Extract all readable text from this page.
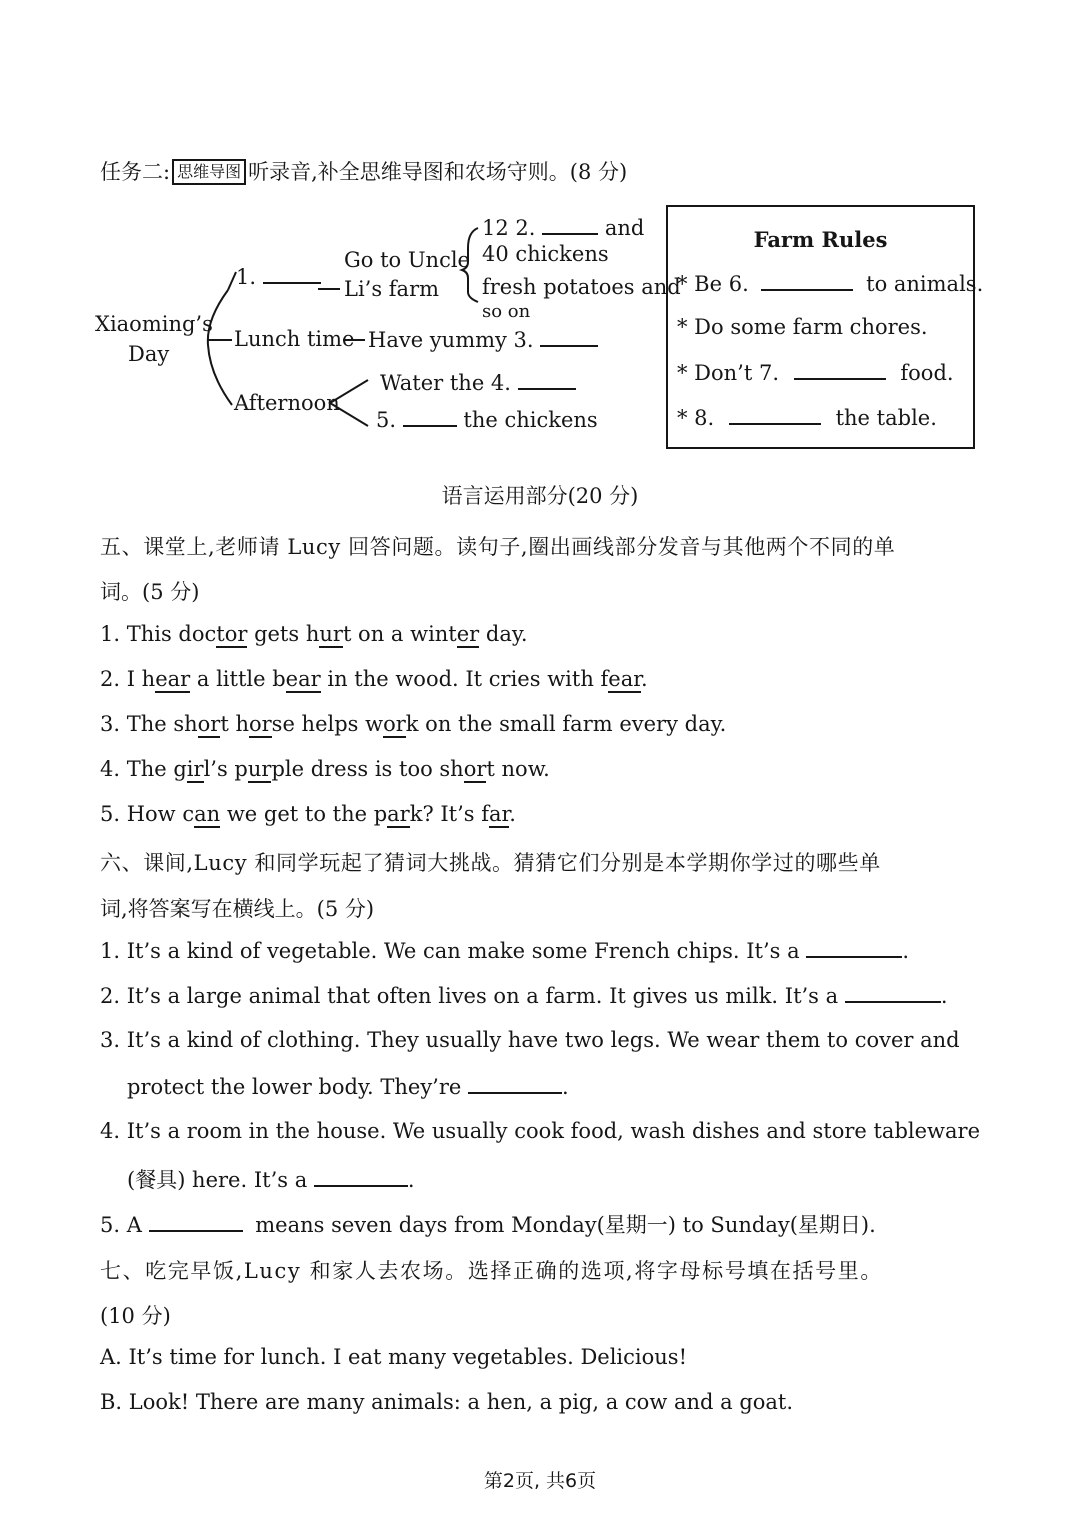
任务二: 思维导图 听录音,补全思维导图和农场守则。(8 分)
Xiaoming’s
Day
1.
Go to Uncle
Li’s farm
12 2.	and
40 chickens
fresh potatoes and
so on
Lunch time Have yummy 3.
Afternoon
Water the 4.
5.	the chickens
Farm Rules
* Be 6.	to animals.
* Do some farm chores.
* Don’t 7.	food.
* 8.	the table.
语言运用部分(20 分)
五、课堂上,老师请 Lucy 回答问题。读句子,圈出画线部分发音与其他两个不同的单
词。(5 分)
1. This doctor gets hurt on a winter day.
2. I hear a little bear in the wood. It cries with fear.
3. The short horse helps work on the small farm every day.
4. The girl’s purple dress is too short now.
5. How can we get to the park? It’s far.
六、课间,Lucy 和同学玩起了猜词大挑战。猜猜它们分别是本学期你学过的哪些单
词,将答案写在横线上。(5 分)
1. It’s a kind of vegetable. We can make some French chips. It’s a	.
2. It’s a large animal that often lives on a farm. It gives us milk. It’s a	.
3. It’s a kind of clothing. They usually have two legs. We wear them to cover and
protect the lower body. They’re	.
4. It’s a room in the house. We usually cook food, wash dishes and store tableware
(餐具) here. It’s a	.
5. A	means seven days from Monday(星期一) to Sunday(星期日).
七、吃完早饭,Lucy 和家人去农场。选择正确的选项,将字母标号填在括号里。
(10 分)
A. It’s time for lunch. I eat many vegetables. Delicious!
B. Look! There are many animals: a hen, a pig, a cow and a goat.
第2页, 共6页
